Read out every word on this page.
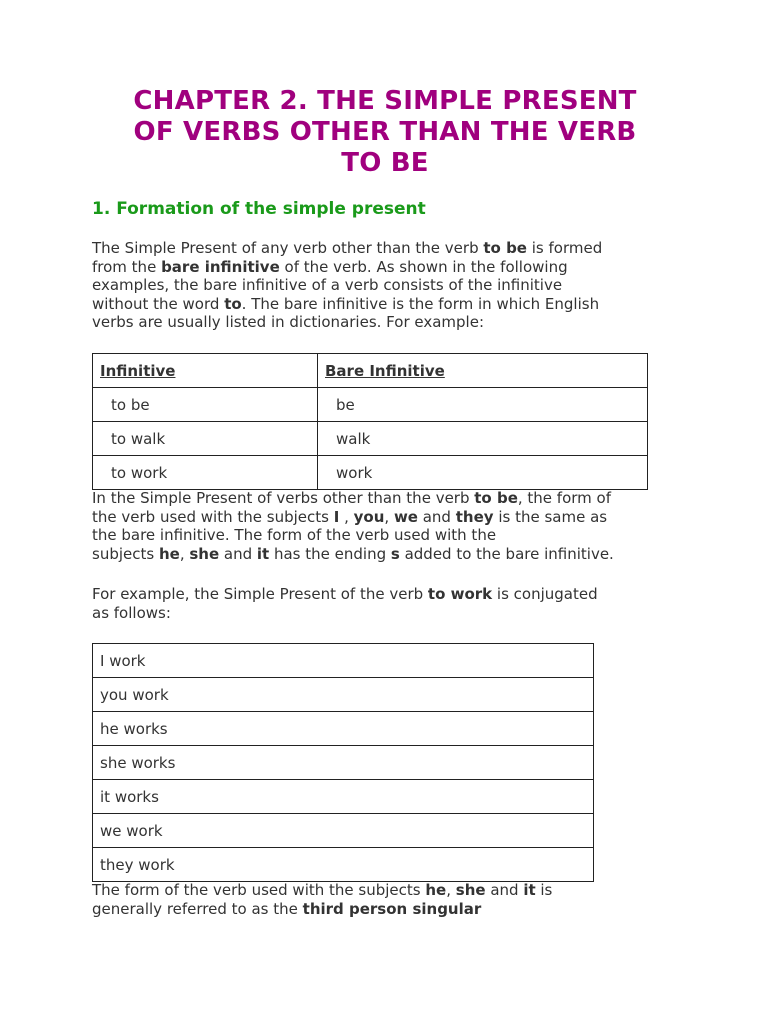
CHAPTER 2. THE SIMPLE PRESENT
OF VERBS OTHER THAN THE VERB
TO BE
1. Formation of the simple present

The Simple Present of any verb other than the verb to be is formed
from the bare infinitive of the verb. As shown in the following
examples, the bare infinitive of a verb consists of the infinitive
without the word to. The bare infinitive is the form in which English
verbs are usually listed in dictionaries. For example:

Infinitive	Bare Infinitive
to be	be
to walk	walk
to work	work

In the Simple Present of verbs other than the verb to be, the form of
the verb used with the subjects I , you, we and they is the same as
the bare infinitive. The form of the verb used with the
subjects he, she and it has the ending s added to the bare infinitive.

For example, the Simple Present of the verb to work is conjugated
as follows:

I work
you work
he works
she works
it works
we work
they work

The form of the verb used with the subjects he, she and it is
generally referred to as the third person singular
